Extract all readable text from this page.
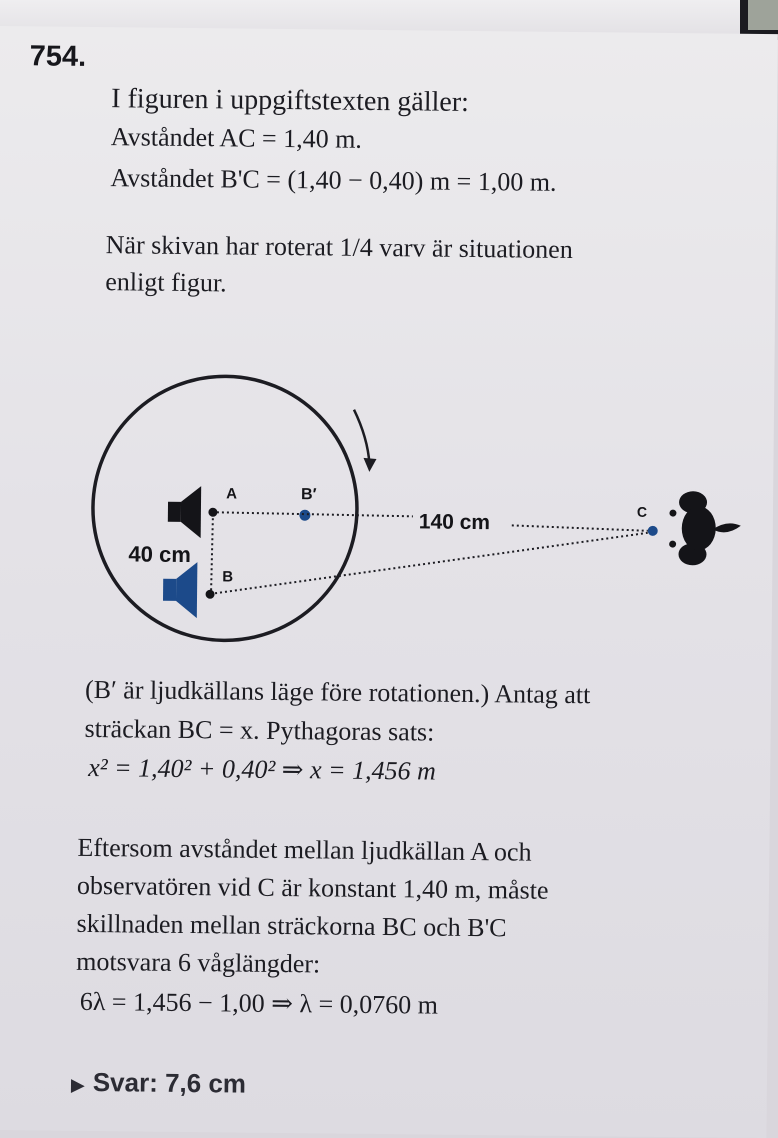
754.
I figuren i uppgiftstexten gäller:
Avståndet AC = 1,40 m.
Avståndet B'C = (1,40 − 0,40) m = 1,00 m.
När skivan har roterat 1/4 varv är situationen
enligt figur.
A	B′
B
C
140 cm
40 cm
(B′ är ljudkällans läge före rotationen.) Antag att
sträckan BC = x. Pythagoras sats:
x² = 1,40² + 0,40² ⇒ x = 1,456 m
Eftersom avståndet mellan ljudkällan A och
observatören vid C är konstant 1,40 m, måste
skillnaden mellan sträckorna BC och B'C
motsvara 6 våglängder:
6λ = 1,456 − 1,00 ⇒ λ = 0,0760 m
▶ Svar: 7,6 cm
